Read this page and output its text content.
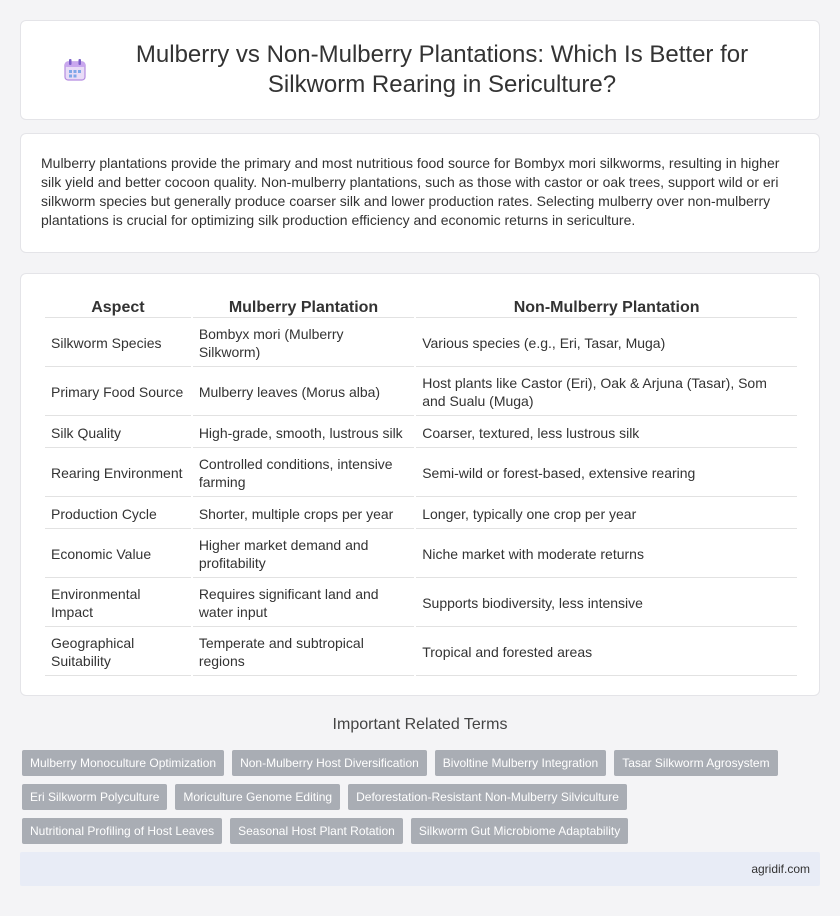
Mulberry vs Non-Mulberry Plantations: Which Is Better for Silkworm Rearing in Sericulture?

Mulberry plantations provide the primary and most nutritious food source for Bombyx mori silkworms, resulting in higher silk yield and better cocoon quality. Non-mulberry plantations, such as those with castor or oak trees, support wild or eri silkworm species but generally produce coarser silk and lower production rates. Selecting mulberry over non-mulberry plantations is crucial for optimizing silk production efficiency and economic returns in sericulture.

Aspect	Mulberry Plantation	Non-Mulberry Plantation
Silkworm Species	Bombyx mori (Mulberry Silkworm)	Various species (e.g., Eri, Tasar, Muga)
Primary Food Source	Mulberry leaves (Morus alba)	Host plants like Castor (Eri), Oak & Arjuna (Tasar), Som and Sualu (Muga)
Silk Quality	High-grade, smooth, lustrous silk	Coarser, textured, less lustrous silk
Rearing Environment	Controlled conditions, intensive farming	Semi-wild or forest-based, extensive rearing
Production Cycle	Shorter, multiple crops per year	Longer, typically one crop per year
Economic Value	Higher market demand and profitability	Niche market with moderate returns
Environmental Impact	Requires significant land and water input	Supports biodiversity, less intensive
Geographical Suitability	Temperate and subtropical regions	Tropical and forested areas
Important Related Terms
Mulberry Monoculture Optimization	Non-Mulberry Host Diversification	Bivoltine Mulberry Integration	Tasar Silkworm Agrosystem
Eri Silkworm Polyculture	Moriculture Genome Editing	Deforestation-Resistant Non-Mulberry Silviculture
Nutritional Profiling of Host Leaves	Seasonal Host Plant Rotation	Silkworm Gut Microbiome Adaptability
agridif.com
